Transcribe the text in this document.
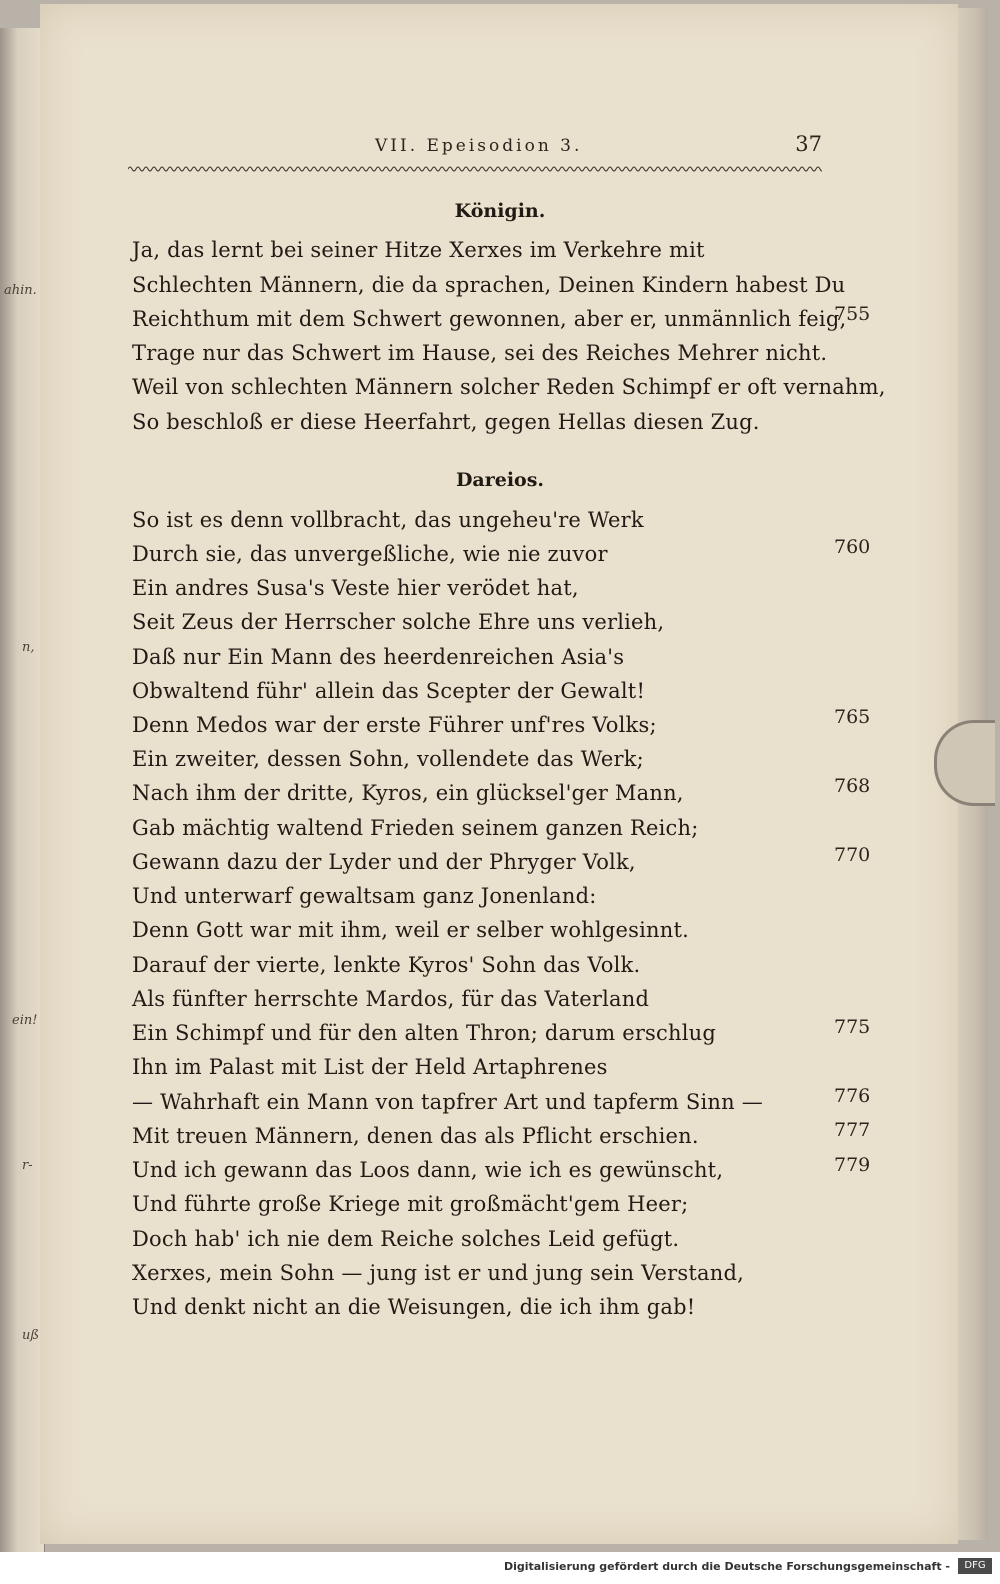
ahin.
n,
ein!
r-
uß
VII. Epeisodion 3.	37
Königin.
Ja, das lernt bei seiner Hitze Xerxes im Verkehre mit
Schlechten Männern, die da sprachen, Deinen Kindern habest Du
Reichthum mit dem Schwert gewonnen, aber er, unmännlich feig,
755
Trage nur das Schwert im Hause, sei des Reiches Mehrer nicht.
Weil von schlechten Männern solcher Reden Schimpf er oft vernahm,
So beschloß er diese Heerfahrt, gegen Hellas diesen Zug.
Dareios.
So ist es denn vollbracht, das ungeheu're Werk
Durch sie, das unvergeßliche, wie nie zuvor	760
Ein andres Susa's Veste hier verödet hat,
Seit Zeus der Herrscher solche Ehre uns verlieh,
Daß nur Ein Mann des heerdenreichen Asia's
Obwaltend führ' allein das Scepter der Gewalt!
Denn Medos war der erste Führer unf'res Volks;	765
Ein zweiter, dessen Sohn, vollendete das Werk;
Nach ihm der dritte, Kyros, ein glücksel'ger Mann,	768
Gab mächtig waltend Frieden seinem ganzen Reich;
Gewann dazu der Lyder und der Phryger Volk,	770
Und unterwarf gewaltsam ganz Jonenland:
Denn Gott war mit ihm, weil er selber wohlgesinnt.
Darauf der vierte, lenkte Kyros' Sohn das Volk.
Als fünfter herrschte Mardos, für das Vaterland
Ein Schimpf und für den alten Thron; darum erschlug	775
Ihn im Palast mit List der Held Artaphrenes
— Wahrhaft ein Mann von tapfrer Art und tapferm Sinn —	776
Mit treuen Männern, denen das als Pflicht erschien.	777
Und ich gewann das Loos dann, wie ich es gewünscht,	779
Und führte große Kriege mit großmächt'gem Heer;
Doch hab' ich nie dem Reiche solches Leid gefügt.
Xerxes, mein Sohn — jung ist er und jung sein Verstand,
Und denkt nicht an die Weisungen, die ich ihm gab!
Digitalisierung gefördert durch die Deutsche Forschungsgemeinschaft -	DFG
